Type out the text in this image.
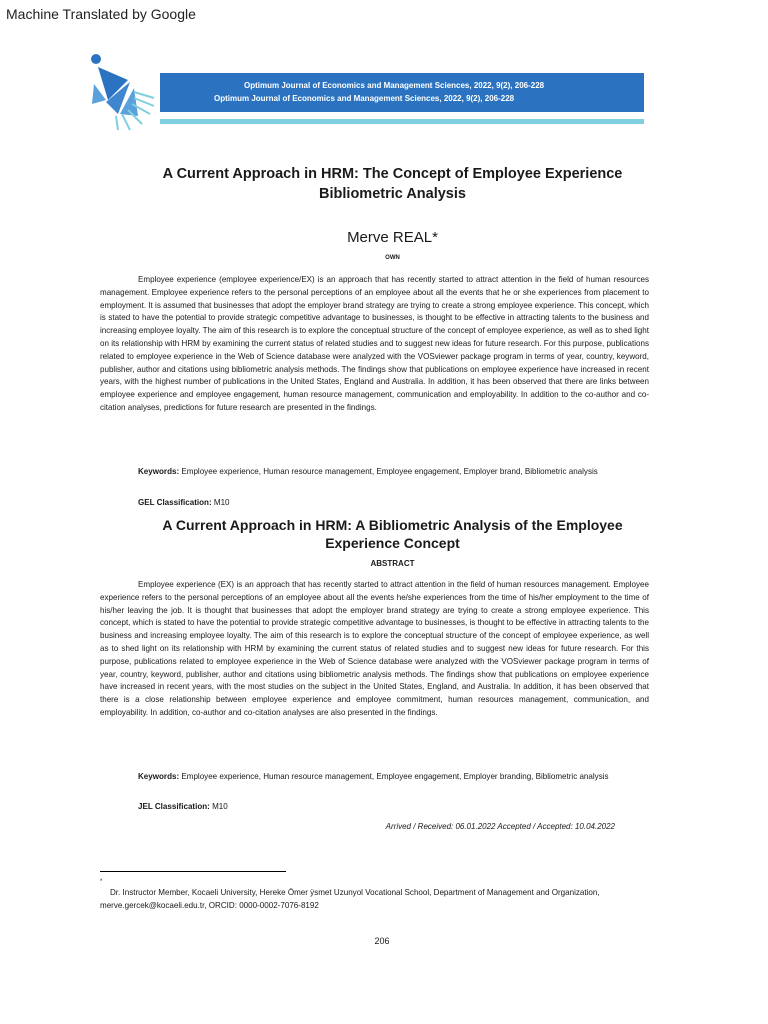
Machine Translated by Google
Optimum Journal of Economics and Management Sciences, 2022, 9(2), 206-228
Optimum Journal of Economics and Management Sciences, 2022, 9(2), 206-228
A Current Approach in HRM: The Concept of Employee Experience
Bibliometric Analysis
Merve REAL*
OWN

Employee experience (employee experience/EX) is an approach that has recently started to attract attention in the field of human resources management. Employee experience refers to the personal perceptions of an employee about all the events that he or she experiences from placement to employment. It is assumed that businesses that adopt the employer brand strategy are trying to create a strong employee experience. This concept, which is stated to have the potential to provide strategic competitive advantage to businesses, is thought to be effective in attracting talents to the business and increasing employee loyalty. The aim of this research is to explore the conceptual structure of the concept of employee experience, as well as to shed light on its relationship with HRM by examining the current status of related studies and to suggest new ideas for future research. For this purpose, publications related to employee experience in the Web of Science database were analyzed with the VOSviewer package program in terms of year, country, keyword, publisher, author and citations using bibliometric analysis methods. The findings show that publications on employee experience have increased in recent years, with the highest number of publications in the United States, England and Australia. In addition, it has been observed that there are links between employee experience and employee engagement, human resource management, communication and employability. In addition to the co-author and co-citation analyses, predictions for future research are presented in the findings.

Keywords: Employee experience, Human resource management, Employee engagement, Employer brand, Bibliometric analysis

GEL Classification: M10
A Current Approach in HRM: A Bibliometric Analysis of the Employee
Experience Concept
ABSTRACT

Employee experience (EX) is an approach that has recently started to attract attention in the field of human resources management. Employee experience refers to the personal perceptions of an employee about all the events he/she experiences from the time of his/her employment to the time of his/her leaving the job. It is thought that businesses that adopt the employer brand strategy are trying to create a strong employee experience. This concept, which is stated to have the potential to provide strategic competitive advantage to businesses, is thought to be effective in attracting talents to the business and increasing employee loyalty. The aim of this research is to explore the conceptual structure of the concept of employee experience, as well as to shed light on its relationship with HRM by examining the current status of related studies and to suggest new ideas for future research. For this purpose, publications related to employee experience in the Web of Science database were analyzed with the VOSviewer package program in terms of year, country, keyword, publisher, author and citations using bibliometric analysis methods. The findings show that publications on employee experience have increased in recent years, with the most studies on the subject in the United States, England, and Australia. In addition, it has been observed that there is a close relationship between employee experience and employee commitment, human resources management, communication, and employability. In addition, co-author and co-citation analyses are also presented in the findings.

Keywords: Employee experience, Human resource management, Employee engagement, Employer branding, Bibliometric analysis

JEL Classification: M10
Arrived / Received: 06.01.2022 Accepted / Accepted: 10.04.2022
*

Dr. Instructor Member, Kocaeli University, Hereke Ömer ÿsmet Uzunyol Vocational School, Department of Management and Organization, merve.gercek@kocaeli.edu.tr, ORCID: 0000-0002-7076-8192

206
